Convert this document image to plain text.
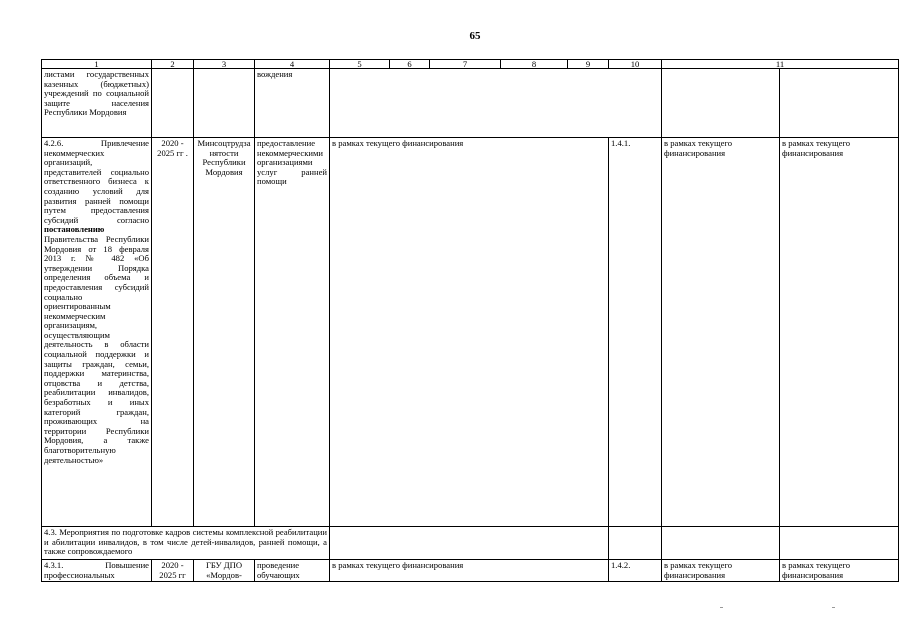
65
1	2	3	4	5	6	7	8	9	10	11	
листами государственных казенных (бюджетных) учреждений по социальной защите населения Республики Мордовия			вождения								
4.2.6. Привлечение некоммерческих организаций, представителей социально ответственного бизнеса к созданию условий для развития ранней помощи путем предоставления субсидий согласно постановлению Правительства Республики Мордовия от 18 февраля 2013 г. № 482 «Об утверждении Порядка определения объема и предоставления субсидий социально ориентированным некоммерческим организациям, осуществляющим деятельность в области социальной поддержки и защиты граждан, семьи, поддержки материнства, отцовства и детства, реабилитации инвалидов, безработных и иных категорий граждан, проживающих на территории Республики Мордовия, а также благотворительную деятельностью»	2020 - 2025 гг .	Минсоцтрудзанятости Республики Мордовия	предоставление некоммерческими организациями услуг ранней помощи	в рамках текущего финансирования					1.4.1.	в рамках текущего финансирования	в рамках текущего финансирования
4.3. Мероприятия по подготовке кадров системы комплексной реабилитации и абилитации инвалидов, в том числе детей-инвалидов, ранней помощи, а также сопровождаемого											
4.3.1. Повышение профессиональных	2020 - 2025 гг	ГБУ ДПО «Мордов-	проведение обучающих	в рамках текущего финансирования					1.4.2.	в рамках текущего финансирования	в рамках текущего финансирования
